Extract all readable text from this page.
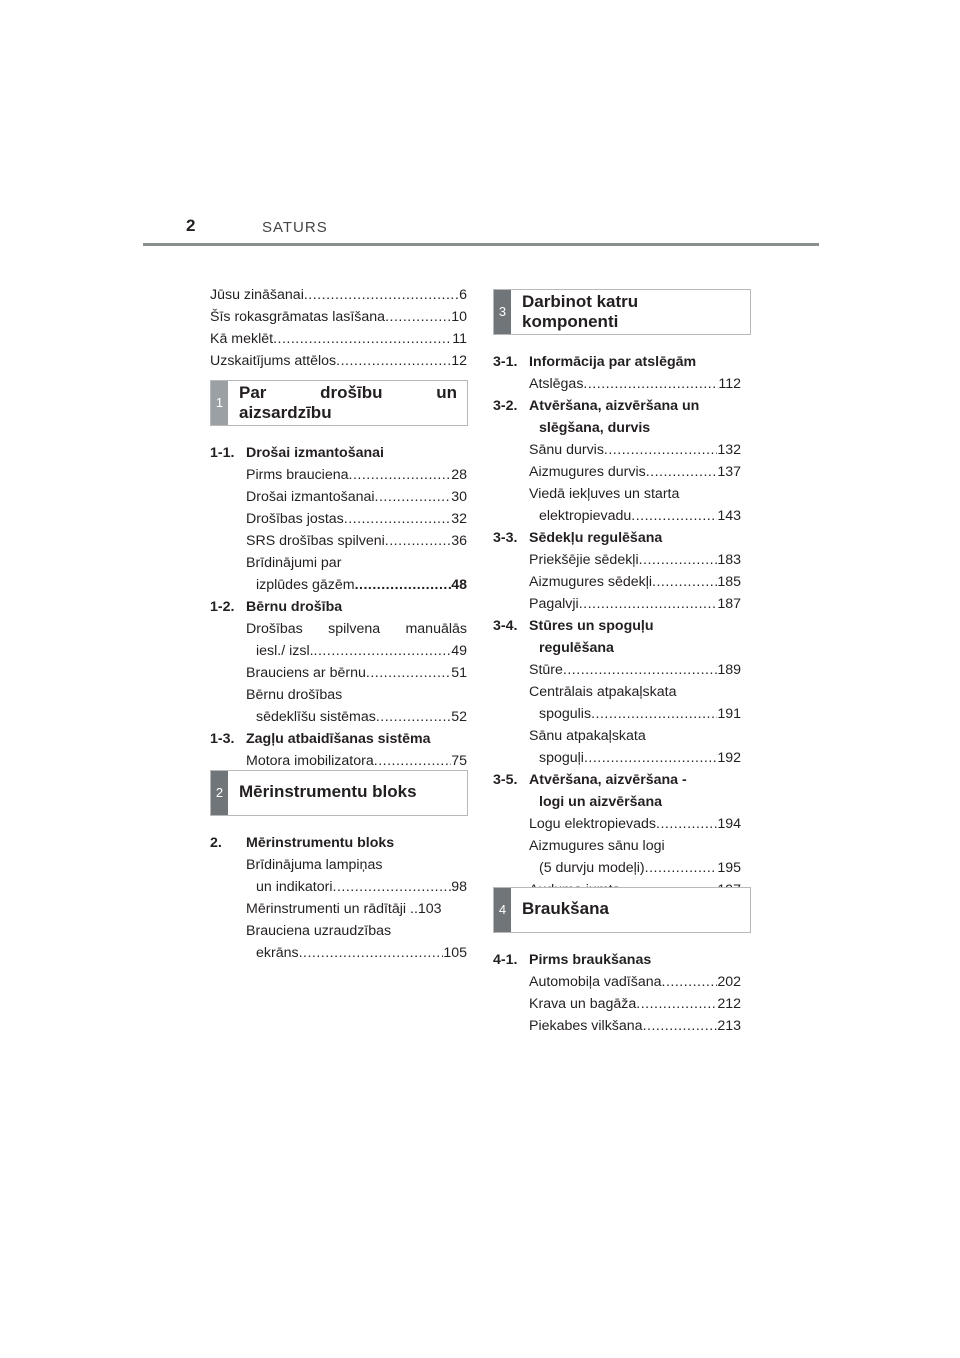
2	SATURS
Jūsu zināšanai .....	6
Šīs rokasgrāmatas lasīšana .....	10
Kā meklēt .....	11
Uzskaitījums attēlos .....	12
1
Par	drošību	un
aizsardzību
1-1. Drošai izmantošanai
Pirms brauciena .....	28
Drošai izmantošanai .....	30
Drošības jostas .....	32
SRS drošības spilveni .....	36
Brīdinājumi par
izplūdes gāzēm .....	48
1-2. Bērnu drošība
Drošības spilvena manuālās
iesl./ izsl. .....	49
Brauciens ar bērnu .....	51
Bērnu drošības
sēdeklīšu sistēmas .....	52
1-3. Zagļu atbaidīšanas sistēma
Motora imobilizatora .....	75
2 Mērinstrumentu bloks
2.	Mērinstrumentu bloks
Brīdinājuma lampiņas
un indikatori .....	98
Mērinstrumenti un rādītāji .. 103
Brauciena uzraudzības
ekrāns .....	105
3
Darbinot katru
komponenti
3-1. Informācija par atslēgām
Atslēgas .....	112
3-2. Atvēršana, aizvēršana un
slēgšana, durvis
Sānu durvis .....	132
Aizmugures durvis .....	137
Viedā iekļuves un starta
elektropievadu .....	143
3-3. Sēdekļu regulēšana
Priekšējie sēdekļi .....	183
Aizmugures sēdekļi .....	185
Pagalvji .....	187
3-4. Stūres un spoguļu
regulēšana
Stūre .....	189
Centrālais atpakaļskata
spogulis .....	191
Sānu atpakaļskata
spoguļi .....	192
3-5. Atvēršana, aizvēršana -
logi un aizvēršana
Logu elektropievads .....	194
Aizmugures sānu logi
(5 durvju modeļi) .....	195
.....
4 Braukšana
4-1. Pirms braukšanas
Automobiļa vadīšana .....	202
Krava un bagāža .....	212
Piekabes vilkšana .....	213
